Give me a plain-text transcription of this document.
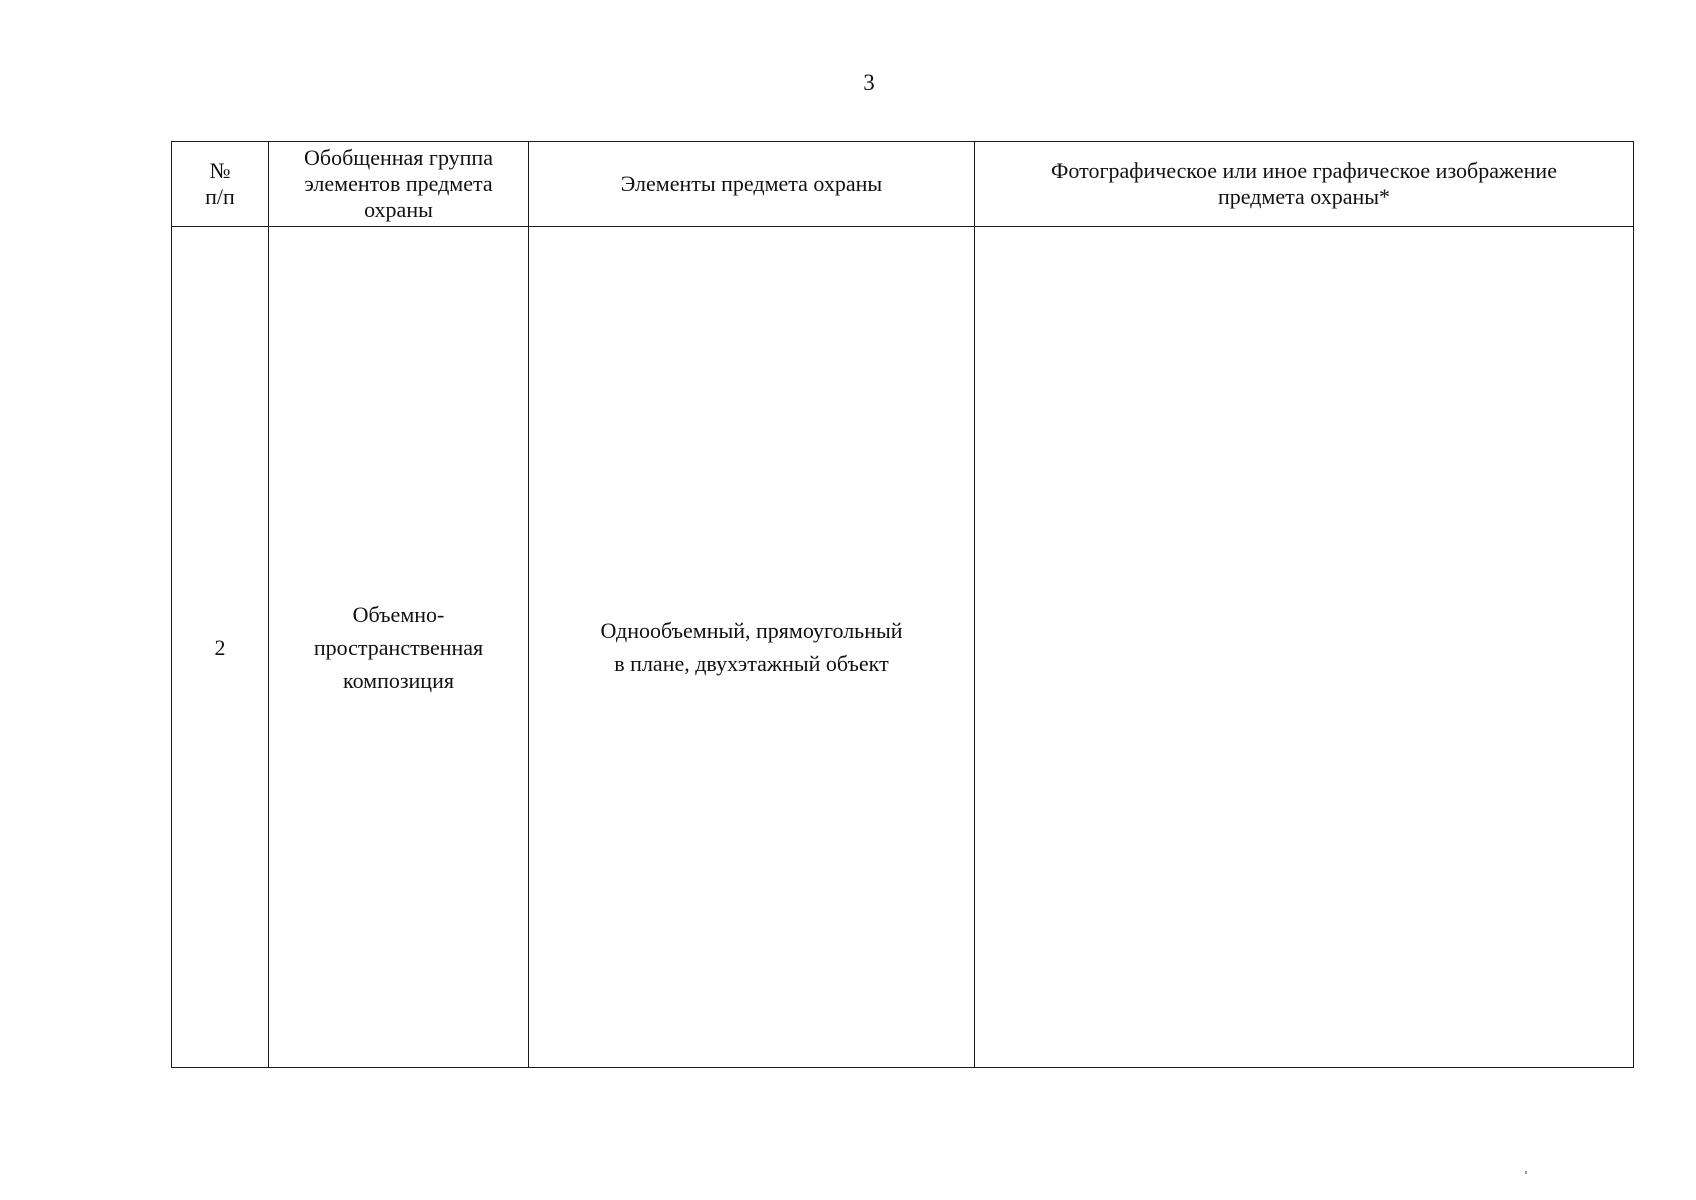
3
№
п/п	Обобщенная группа
элементов предмета
охраны	Элементы предмета охраны	Фотографическое или иное графическое изображение
предмета охраны*
2	Объемно-
пространственная
композиция	Однообъемный, прямоугольный
в плане, двухэтажный объект	
